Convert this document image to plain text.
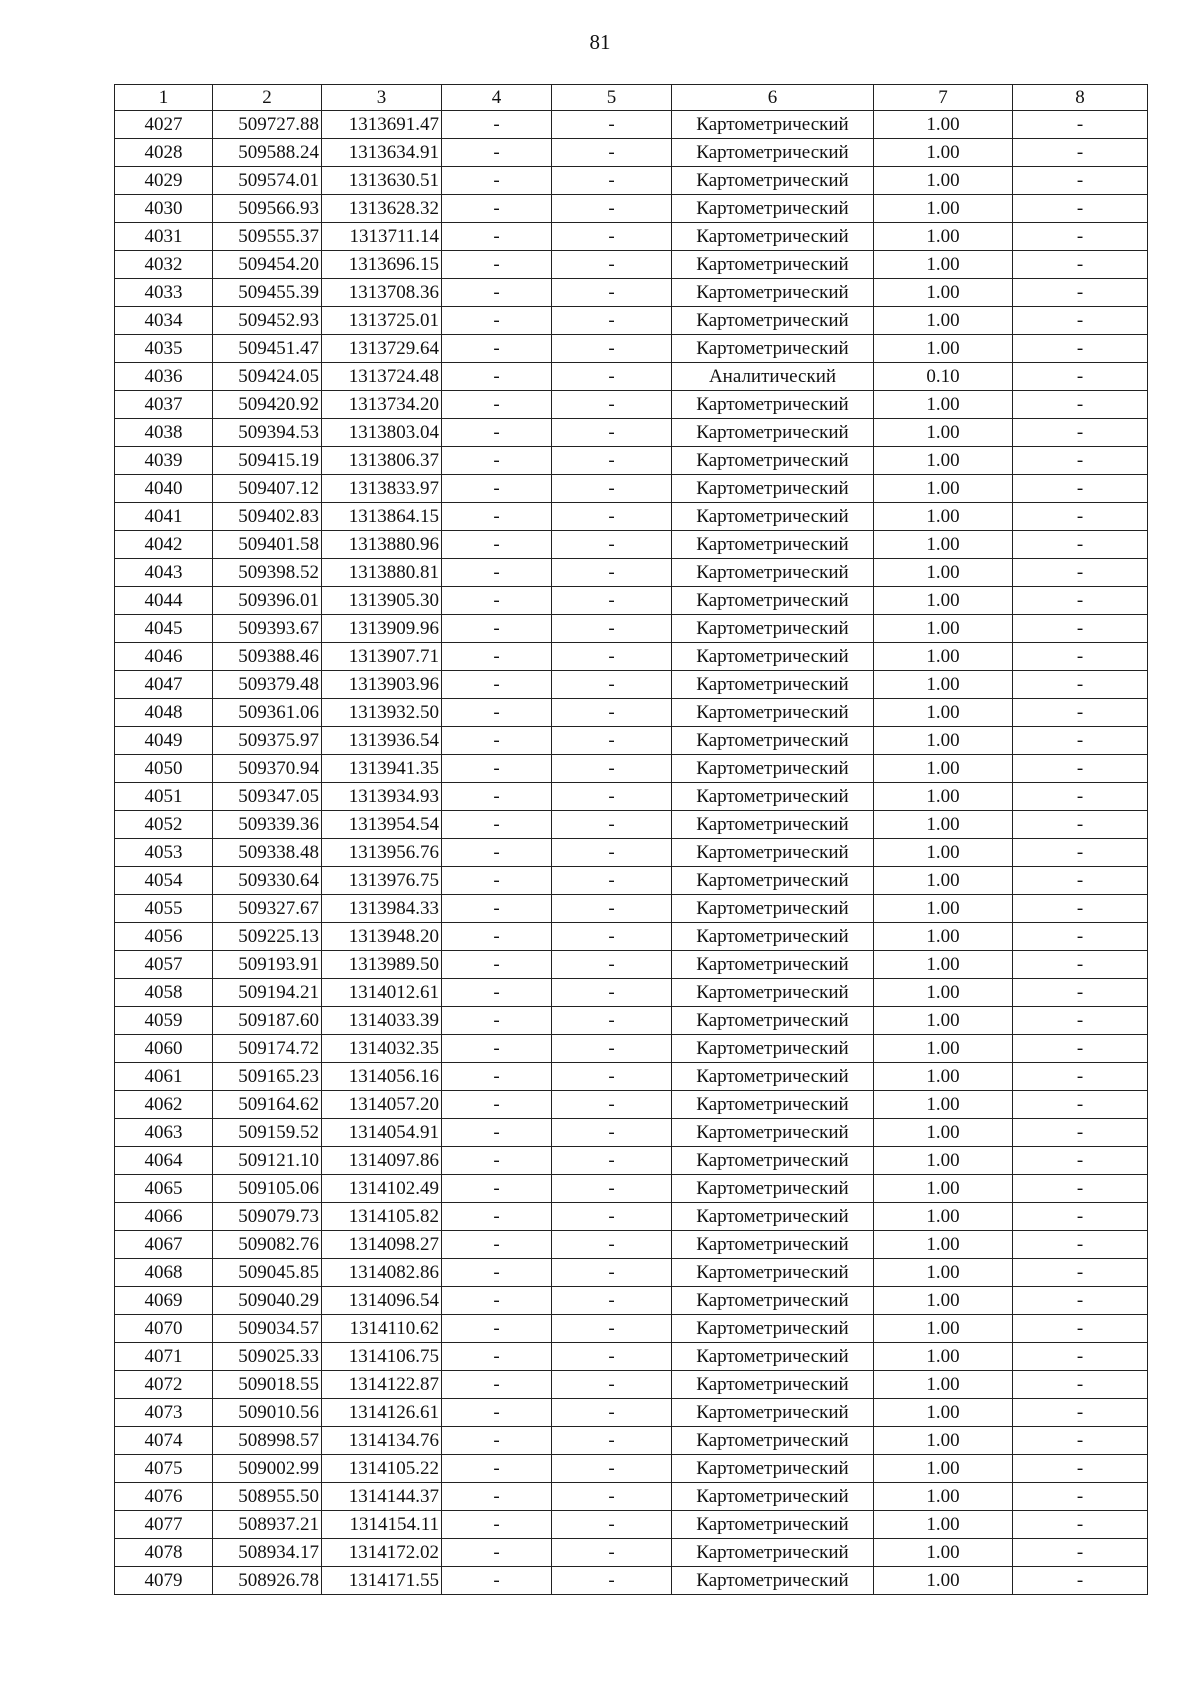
81
1	2	3	4	5	6	7	8
4027	509727.88	1313691.47	-	-	Картометрический	1.00	-
4028	509588.24	1313634.91	-	-	Картометрический	1.00	-
4029	509574.01	1313630.51	-	-	Картометрический	1.00	-
4030	509566.93	1313628.32	-	-	Картометрический	1.00	-
4031	509555.37	1313711.14	-	-	Картометрический	1.00	-
4032	509454.20	1313696.15	-	-	Картометрический	1.00	-
4033	509455.39	1313708.36	-	-	Картометрический	1.00	-
4034	509452.93	1313725.01	-	-	Картометрический	1.00	-
4035	509451.47	1313729.64	-	-	Картометрический	1.00	-
4036	509424.05	1313724.48	-	-	Аналитический	0.10	-
4037	509420.92	1313734.20	-	-	Картометрический	1.00	-
4038	509394.53	1313803.04	-	-	Картометрический	1.00	-
4039	509415.19	1313806.37	-	-	Картометрический	1.00	-
4040	509407.12	1313833.97	-	-	Картометрический	1.00	-
4041	509402.83	1313864.15	-	-	Картометрический	1.00	-
4042	509401.58	1313880.96	-	-	Картометрический	1.00	-
4043	509398.52	1313880.81	-	-	Картометрический	1.00	-
4044	509396.01	1313905.30	-	-	Картометрический	1.00	-
4045	509393.67	1313909.96	-	-	Картометрический	1.00	-
4046	509388.46	1313907.71	-	-	Картометрический	1.00	-
4047	509379.48	1313903.96	-	-	Картометрический	1.00	-
4048	509361.06	1313932.50	-	-	Картометрический	1.00	-
4049	509375.97	1313936.54	-	-	Картометрический	1.00	-
4050	509370.94	1313941.35	-	-	Картометрический	1.00	-
4051	509347.05	1313934.93	-	-	Картометрический	1.00	-
4052	509339.36	1313954.54	-	-	Картометрический	1.00	-
4053	509338.48	1313956.76	-	-	Картометрический	1.00	-
4054	509330.64	1313976.75	-	-	Картометрический	1.00	-
4055	509327.67	1313984.33	-	-	Картометрический	1.00	-
4056	509225.13	1313948.20	-	-	Картометрический	1.00	-
4057	509193.91	1313989.50	-	-	Картометрический	1.00	-
4058	509194.21	1314012.61	-	-	Картометрический	1.00	-
4059	509187.60	1314033.39	-	-	Картометрический	1.00	-
4060	509174.72	1314032.35	-	-	Картометрический	1.00	-
4061	509165.23	1314056.16	-	-	Картометрический	1.00	-
4062	509164.62	1314057.20	-	-	Картометрический	1.00	-
4063	509159.52	1314054.91	-	-	Картометрический	1.00	-
4064	509121.10	1314097.86	-	-	Картометрический	1.00	-
4065	509105.06	1314102.49	-	-	Картометрический	1.00	-
4066	509079.73	1314105.82	-	-	Картометрический	1.00	-
4067	509082.76	1314098.27	-	-	Картометрический	1.00	-
4068	509045.85	1314082.86	-	-	Картометрический	1.00	-
4069	509040.29	1314096.54	-	-	Картометрический	1.00	-
4070	509034.57	1314110.62	-	-	Картометрический	1.00	-
4071	509025.33	1314106.75	-	-	Картометрический	1.00	-
4072	509018.55	1314122.87	-	-	Картометрический	1.00	-
4073	509010.56	1314126.61	-	-	Картометрический	1.00	-
4074	508998.57	1314134.76	-	-	Картометрический	1.00	-
4075	509002.99	1314105.22	-	-	Картометрический	1.00	-
4076	508955.50	1314144.37	-	-	Картометрический	1.00	-
4077	508937.21	1314154.11	-	-	Картометрический	1.00	-
4078	508934.17	1314172.02	-	-	Картометрический	1.00	-
4079	508926.78	1314171.55	-	-	Картометрический	1.00	-
